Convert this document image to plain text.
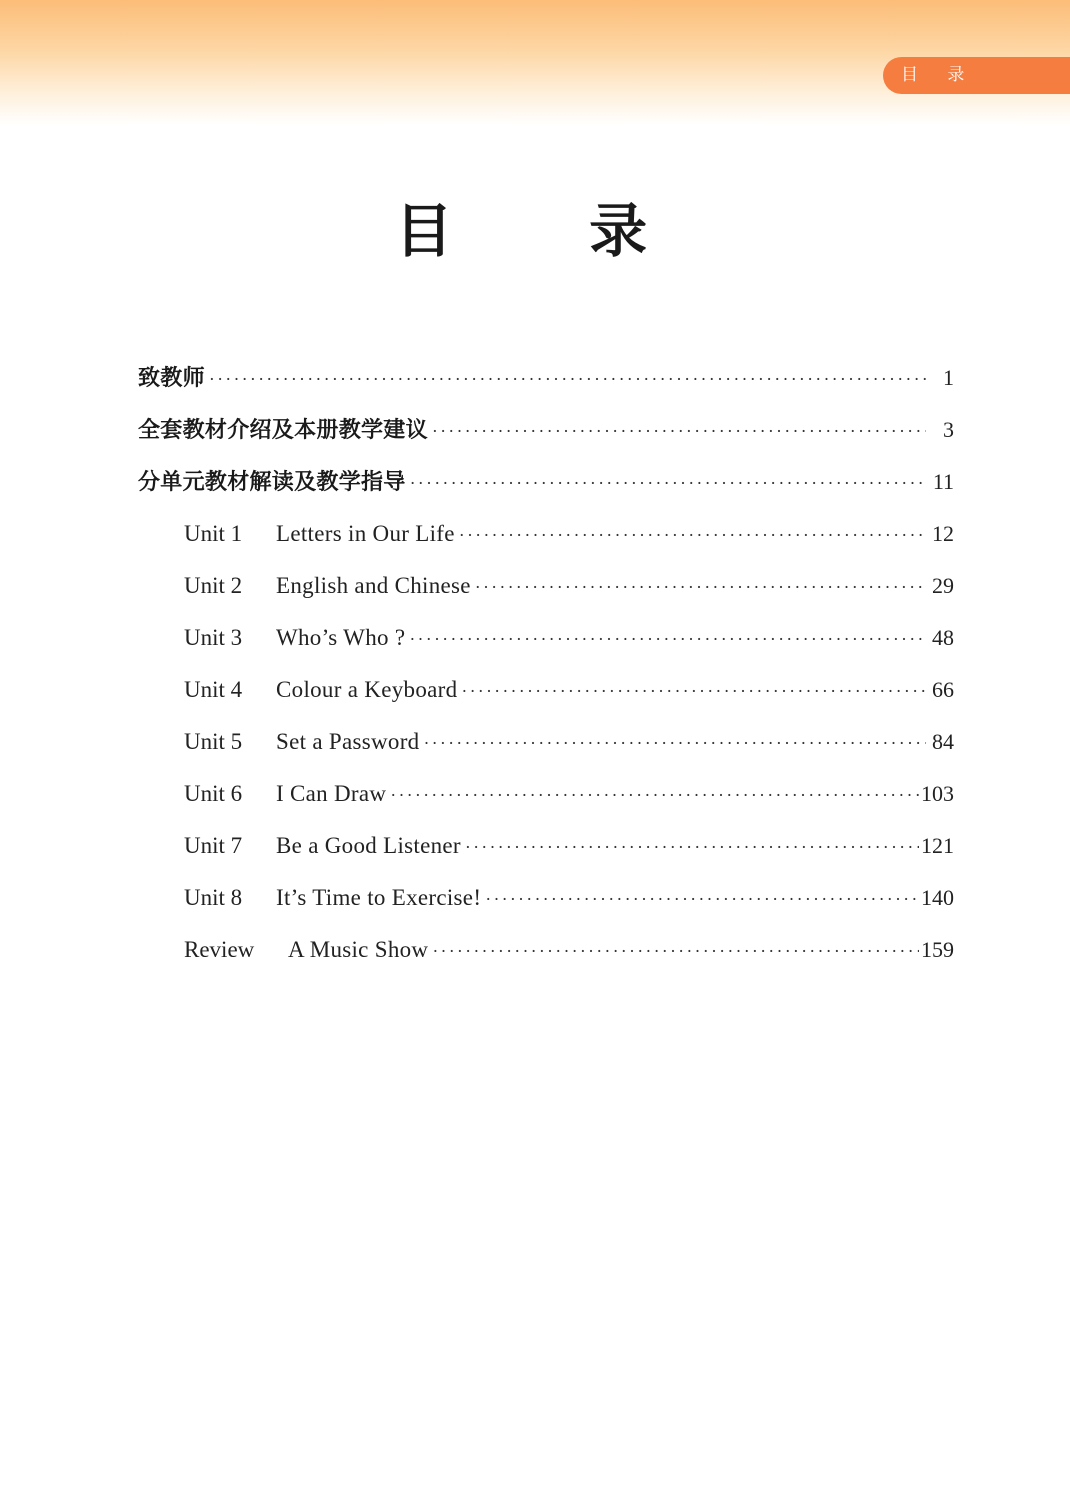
目 录
目 录
致教师 ·····	1
全套教材介绍及本册教学建议 ·····	3
分单元教材解读及教学指导 ·····	11
Unit 1	Letters in Our Life ·····	12
Unit 2	English and Chinese ·····	29
Unit 3	Who’s Who ? ·····	48
Unit 4	Colour a Keyboard ·····	66
Unit 5	Set a Password ·····	84
Unit 6	I Can Draw ·····	103
Unit 7	Be a Good Listener ·····	121
Unit 8	It’s Time to Exercise! ·····	140
Review	A Music Show ·····	159
